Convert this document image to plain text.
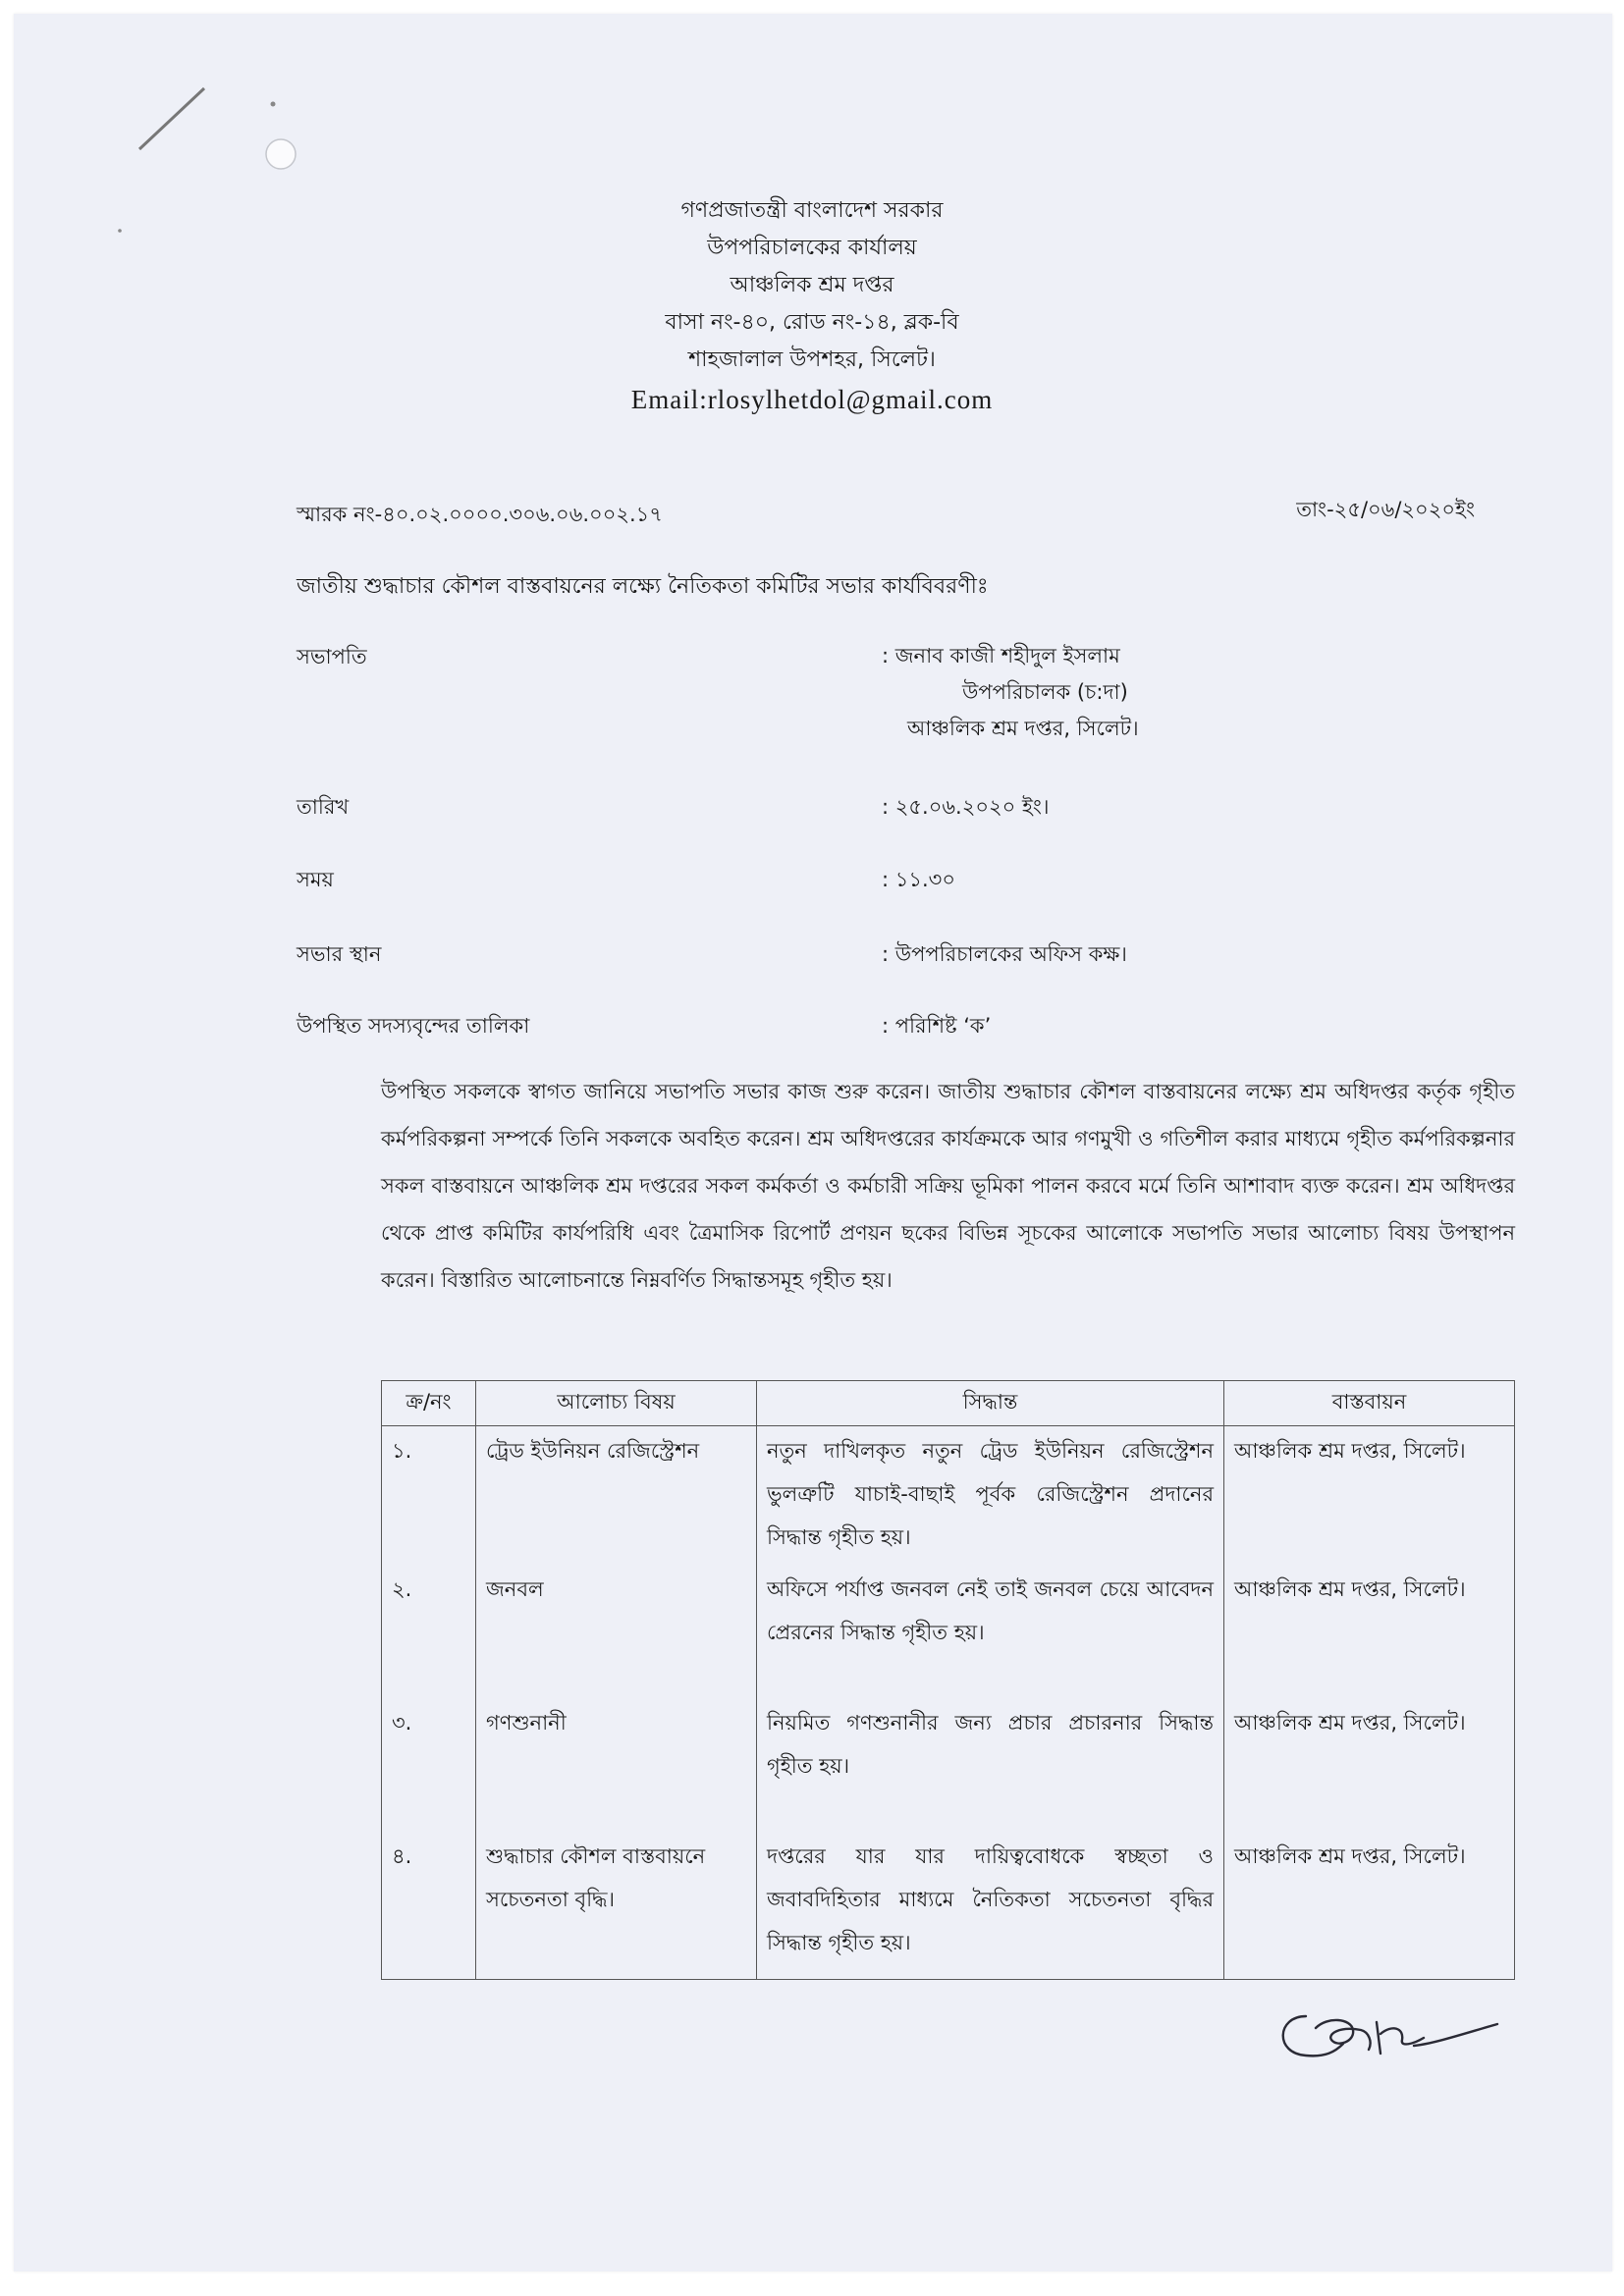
গণপ্রজাতন্ত্রী বাংলাদেশ সরকার
উপপরিচালকের কার্যালয়
আঞ্চলিক শ্রম দপ্তর
বাসা নং-৪০, রোড নং-১৪, ব্লক-বি
শাহজালাল উপশহর, সিলেট।
Email:rlosylhetdol@gmail.com
স্মারক নং-৪০.০২.০০০০.৩০৬.০৬.০০২.১৭	তাং-২৫/০৬/২০২০ইং
জাতীয় শুদ্ধাচার কৌশল বাস্তবায়নের লক্ষ্যে নৈতিকতা কমিটির সভার কার্যবিবরণীঃ
সভাপতি	: জনাব কাজী শহীদুল ইসলাম
উপপরিচালক (চ:দা)
আঞ্চলিক শ্রম দপ্তর, সিলেট।
তারিখ	: ২৫.০৬.২০২০ ইং।
সময়	: ১১.৩০
সভার স্থান	: উপপরিচালকের অফিস কক্ষ।
উপস্থিত সদস্যবৃন্দের তালিকা	: পরিশিষ্ট ‘ক’
উপস্থিত সকলকে স্বাগত জানিয়ে সভাপতি সভার কাজ শুরু করেন। জাতীয় শুদ্ধাচার কৌশল বাস্তবায়নের লক্ষ্যে শ্রম অধিদপ্তর কর্তৃক গৃহীত কর্মপরিকল্পনা সম্পর্কে তিনি সকলকে অবহিত করেন। শ্রম অধিদপ্তরের কার্যক্রমকে আর গণমুখী ও গতিশীল করার মাধ্যমে গৃহীত কর্মপরিকল্পনার সকল বাস্তবায়নে আঞ্চলিক শ্রম দপ্তরের সকল কর্মকর্তা ও কর্মচারী সক্রিয় ভূমিকা পালন করবে মর্মে তিনি আশাবাদ ব্যক্ত করেন। শ্রম অধিদপ্তর থেকে প্রাপ্ত কমিটির কার্যপরিধি এবং ত্রৈমাসিক রিপোর্ট প্রণয়ন ছকের বিভিন্ন সূচকের আলোকে সভাপতি সভার আলোচ্য বিষয় উপস্থাপন করেন। বিস্তারিত আলোচনান্তে নিম্নবর্ণিত সিদ্ধান্তসমূহ গৃহীত হয়।
ক্র/নং	আলোচ্য বিষয়	সিদ্ধান্ত	বাস্তবায়ন
১.	ট্রেড ইউনিয়ন রেজিস্ট্রেশন	নতুন দাখিলকৃত নতুন ট্রেড ইউনিয়ন রেজিস্ট্রেশন ভুলত্রুটি যাচাই-বাছাই পূর্বক রেজিস্ট্রেশন প্রদানের সিদ্ধান্ত গৃহীত হয়।	আঞ্চলিক শ্রম দপ্তর, সিলেট।
২.	জনবল	অফিসে পর্যাপ্ত জনবল নেই তাই জনবল চেয়ে আবেদন প্রেরনের সিদ্ধান্ত গৃহীত হয়।	আঞ্চলিক শ্রম দপ্তর, সিলেট।
৩.	গণশুনানী	নিয়মিত গণশুনানীর জন্য প্রচার প্রচারনার সিদ্ধান্ত গৃহীত হয়।	আঞ্চলিক শ্রম দপ্তর, সিলেট।
৪.	শুদ্ধাচার কৌশল বাস্তবায়নে সচেতনতা বৃদ্ধি।	দপ্তরের যার যার দায়িত্ববোধকে স্বচ্ছতা ও জবাবদিহিতার মাধ্যমে নৈতিকতা সচেতনতা বৃদ্ধির সিদ্ধান্ত গৃহীত হয়।	আঞ্চলিক শ্রম দপ্তর, সিলেট।
